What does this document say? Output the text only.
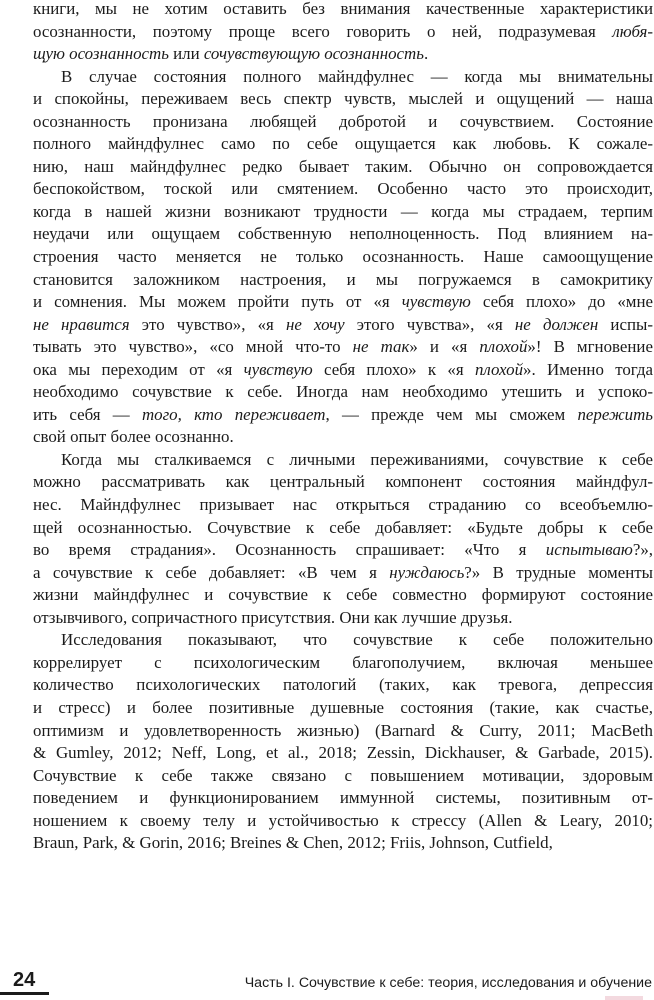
книги, мы не хотим оставить без внимания качественные характеристики
осознанности, поэтому проще всего говорить о ней, подразумевая любя-
щую осознанность или сочувствующую осознанность.
В случае состояния полного майндфулнес — когда мы внимательны
и спокойны, переживаем весь спектр чувств, мыслей и ощущений — наша
осознанность пронизана любящей добротой и сочувствием. Состояние
полного майндфулнес само по себе ощущается как любовь. К сожале-
нию, наш майндфулнес редко бывает таким. Обычно он сопровождается
беспокойством, тоской или смятением. Особенно часто это происходит,
когда в нашей жизни возникают трудности — когда мы страдаем, терпим
неудачи или ощущаем собственную неполноценность. Под влиянием на-
строения часто меняется не только осознанность. Наше самоощущение
становится заложником настроения, и мы погружаемся в самокритику
и сомнения. Мы можем пройти путь от «я чувствую себя плохо» до «мне
не нравится это чувство», «я не хочу этого чувства», «я не должен испы-
тывать это чувство», «со мной что-то не так» и «я плохой»! В мгновение
ока мы переходим от «я чувствую себя плохо» к «я плохой». Именно тогда
необходимо сочувствие к себе. Иногда нам необходимо утешить и успоко-
ить себя — того, кто переживает, — прежде чем мы сможем пережить
свой опыт более осознанно.
Когда мы сталкиваемся с личными переживаниями, сочувствие к себе
можно рассматривать как центральный компонент состояния майндфул-
нес. Майндфулнес призывает нас открыться страданию со всеобъемлю-
щей осознанностью. Сочувствие к себе добавляет: «Будьте добры к себе
во время страдания». Осознанность спрашивает: «Что я испытываю?»,
а сочувствие к себе добавляет: «В чем я нуждаюсь?» В трудные моменты
жизни майндфулнес и сочувствие к себе совместно формируют состояние
отзывчивого, сопричастного присутствия. Они как лучшие друзья.
Исследования показывают, что сочувствие к себе положительно
коррелирует с психологическим благополучием, включая меньшее
количество психологических патологий (таких, как тревога, депрессия
и стресс) и более позитивные душевные состояния (такие, как счастье,
оптимизм и удовлетворенность жизнью) (Barnard & Curry, 2011; MacBeth
& Gumley, 2012; Neff, Long, et al., 2018; Zessin, Dickhauser, & Garbade, 2015).
Сочувствие к себе также связано с повышением мотивации, здоровым
поведением и функционированием иммунной системы, позитивным от-
ношением к своему телу и устойчивостью к стрессу (Allen & Leary, 2010;
Braun, Park, & Gorin, 2016; Breines & Chen, 2012; Friis, Johnson, Cutfield,
24	Часть I. Сочувствие к себе: теория, исследования и обучение
